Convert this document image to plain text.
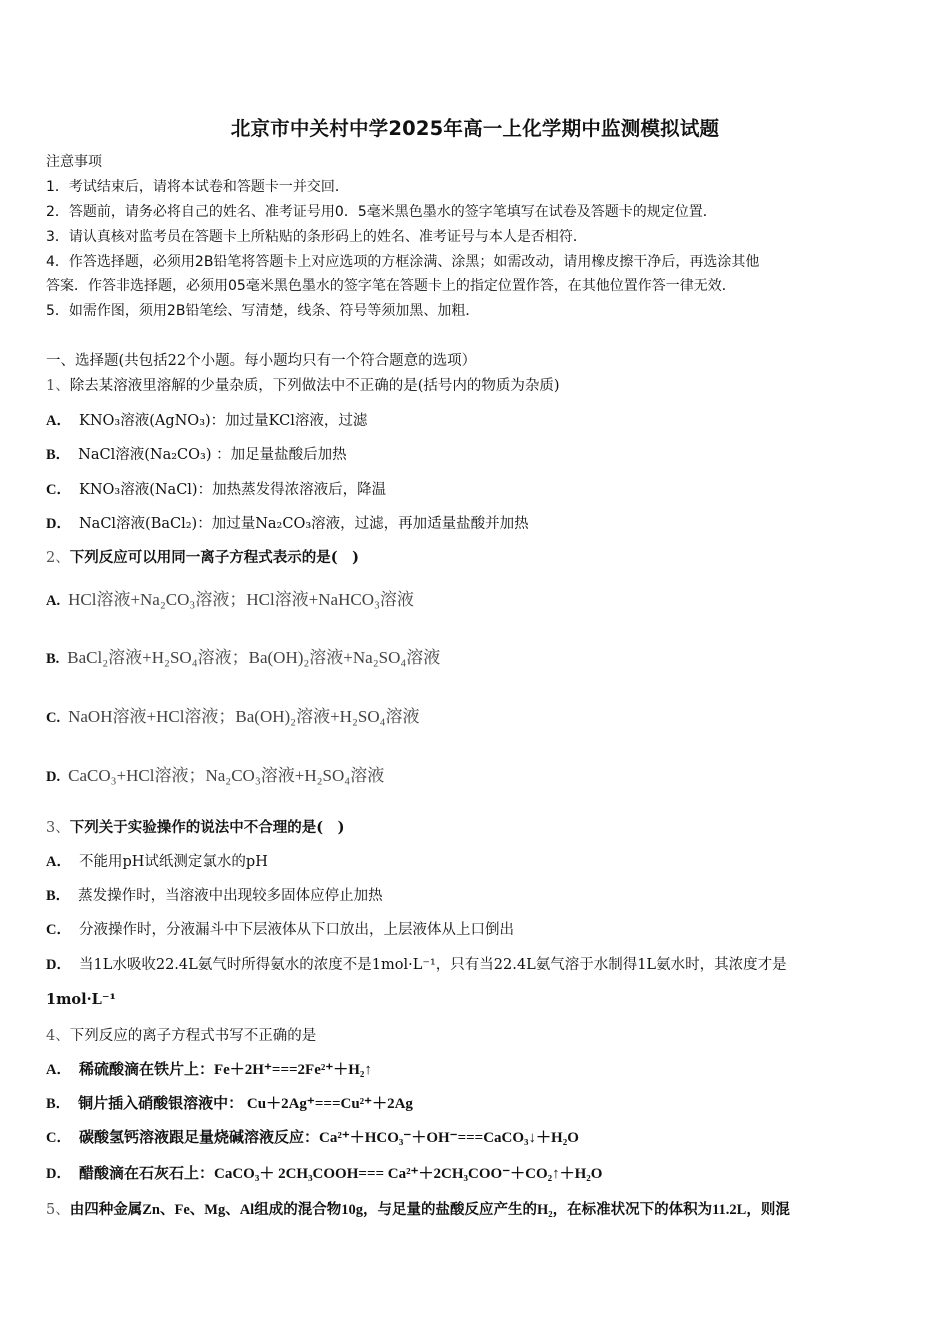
北京市中关村中学2025年高一上化学期中监测模拟试题
注意事项
1．考试结束后，请将本试卷和答题卡一并交回．
2．答题前，请务必将自己的姓名、准考证号用0．5毫米黑色墨水的签字笔填写在试卷及答题卡的规定位置．
3．请认真核对监考员在答题卡上所粘贴的条形码上的姓名、准考证号与本人是否相符．
4．作答选择题，必须用2B铅笔将答题卡上对应选项的方框涂满、涂黑；如需改动，请用橡皮擦干净后，再选涂其他
答案．作答非选择题，必须用05毫米黑色墨水的签字笔在答题卡上的指定位置作答，在其他位置作答一律无效．
5．如需作图，须用2B铅笔绘、写清楚，线条、符号等须加黑、加粗．
一、选择题(共包括22个小题。每小题均只有一个符合题意的选项）
1、除去某溶液里溶解的少量杂质，下列做法中不正确的是(括号内的物质为杂质)
A． KNO₃溶液(AgNO₃)：加过量KCl溶液，过滤
B． NaCl溶液(Na₂CO₃) ：加足量盐酸后加热
C． KNO₃溶液(NaCl)：加热蒸发得浓溶液后，降温
D． NaCl溶液(BaCl₂)：加过量Na₂CO₃溶液，过滤，再加适量盐酸并加热
2、下列反应可以用同一离子方程式表示的是(　)
A. HCl溶液+Na₂CO₃溶液；HCl溶液+NaHCO₃溶液
B. BaCl₂溶液+H₂SO₄溶液；Ba(OH)₂溶液+Na₂SO₄溶液
C. NaOH溶液+HCl溶液；Ba(OH)₂溶液+H₂SO₄溶液
D. CaCO₃+HCl溶液；Na₂CO₃溶液+H₂SO₄溶液
3、下列关于实验操作的说法中不合理的是(　)
A． 不能用pH试纸测定氯水的pH
B． 蒸发操作时，当溶液中出现较多固体应停止加热
C． 分液操作时，分液漏斗中下层液体从下口放出，上层液体从上口倒出
D． 当1L水吸收22.4L氨气时所得氨水的浓度不是1mol·L⁻¹，只有当22.4L氨气溶于水制得1L氨水时，其浓度才是
1mol·L⁻¹
4、下列反应的离子方程式书写不正确的是
A． 稀硫酸滴在铁片上：Fe＋2H⁺===2Fe²⁺＋H₂↑
B． 铜片插入硝酸银溶液中： Cu＋2Ag⁺===Cu²⁺＋2Ag
C． 碳酸氢钙溶液跟足量烧碱溶液反应：Ca²⁺＋HCO₃⁻＋OH⁻===CaCO₃↓＋H₂O
D． 醋酸滴在石灰石上：CaCO₃＋ 2CH₃COOH=== Ca²⁺＋2CH₃COO⁻＋CO₂↑＋H₂O
5、由四种金属Zn、Fe、Mg、Al组成的混合物10g，与足量的盐酸反应产生的H₂，在标准状况下的体积为11.2L，则混
